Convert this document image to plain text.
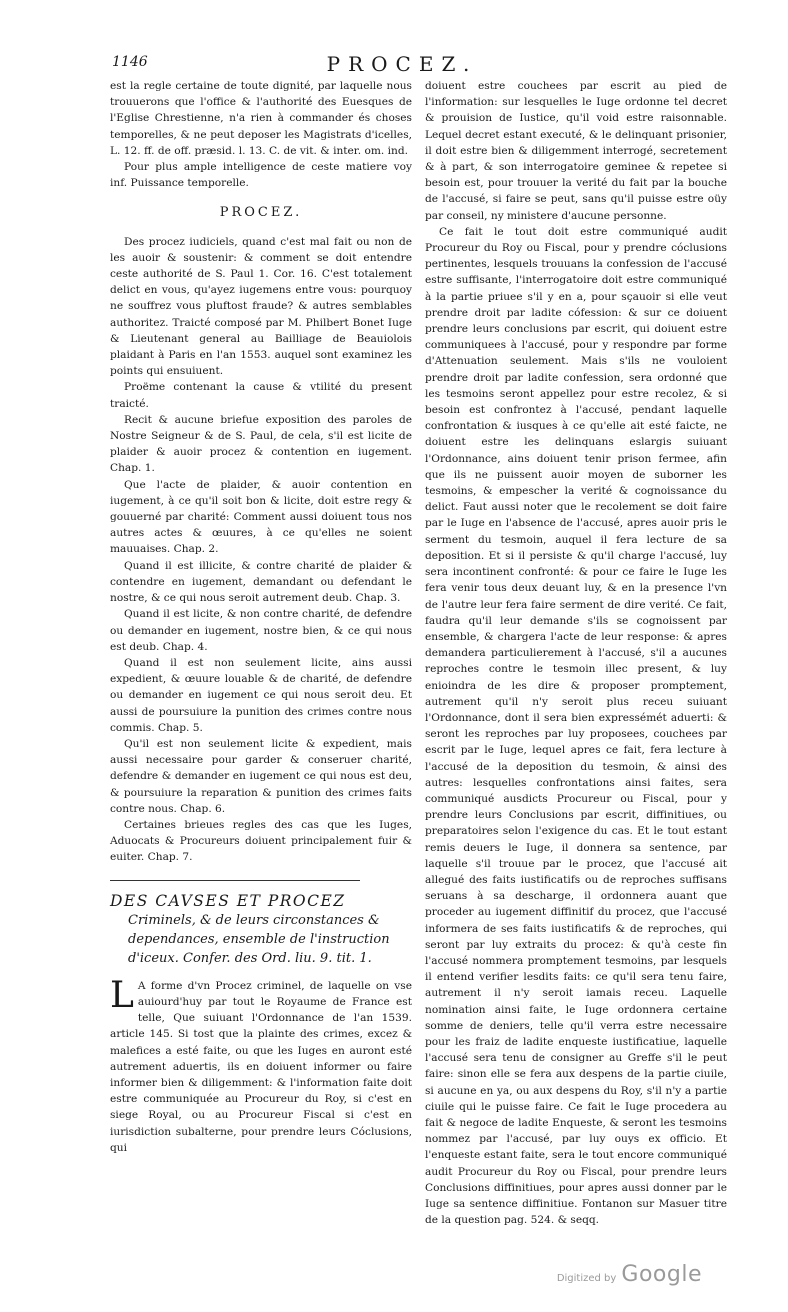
1146	PROCEZ.

est la regle certaine de toute dignité, par laquelle nous trouuerons que l'office & l'authorité des Euesques de l'Eglise Chrestienne, n'a rien à commander és choses temporelles, & ne peut deposer les Magistrats d'icelles, L. 12. ff. de off. præsid. l. 13. C. de vit. & inter. om. ind.

Pour plus ample intelligence de ceste matiere voy inf. Puissance temporelle.

PROCEZ.

Des procez iudiciels, quand c'est mal fait ou non de les auoir & soustenir: & comment se doit entendre ceste authorité de S. Paul 1. Cor. 16. C'est totalement delict en vous, qu'ayez iugemens entre vous: pourquoy ne souffrez vous pluftost fraude? & autres semblables authoritez. Traicté composé par M. Philbert Bonet Iuge & Lieutenant general au Bailliage de Beauiolois plaidant à Paris en l'an 1553. auquel sont examinez les points qui ensuiuent.

Proëme contenant la cause & vtilité du present traicté.

Recit & aucune briefue exposition des paroles de Nostre Seigneur & de S. Paul, de cela, s'il est licite de plaider & auoir procez & contention en iugement. Chap. 1.

Que l'acte de plaider, & auoir contention en iugement, à ce qu'il soit bon & licite, doit estre regy & gouuerné par charité: Comment aussi doiuent tous nos autres actes & œuures, à ce qu'elles ne soient mauuaises. Chap. 2.

Quand il est illicite, & contre charité de plaider & contendre en iugement, demandant ou defendant le nostre, & ce qui nous seroit autrement deub. Chap. 3.

Quand il est licite, & non contre charité, de defendre ou demander en iugement, nostre bien, & ce qui nous est deub. Chap. 4.

Quand il est non seulement licite, ains aussi expedient, & œuure louable & de charité, de defendre ou demander en iugement ce qui nous seroit deu. Et aussi de poursuiure la punition des crimes contre nous commis. Chap. 5.

Qu'il est non seulement licite & expedient, mais aussi necessaire pour garder & conseruer charité, defendre & demander en iugement ce qui nous est deu, & poursuiure la reparation & punition des crimes faits contre nous. Chap. 6.

Certaines brieues regles des cas que les Iuges, Aduocats & Procureurs doiuent principalement fuir & euiter. Chap. 7.

DES CAVSES ET PROCEZ
Criminels, & de leurs circonstances & dependances, ensemble de l'instruction d'iceux. Confer. des Ord. liu. 9. tit. 1.

L A forme d'vn Procez criminel, de laquelle on vse auiourd'huy par tout le Royaume de France est telle, Que suiuant l'Ordonnance de l'an 1539. article 145. Si tost que la plainte des crimes, excez & malefices a esté faite, ou que les Iuges en auront esté autrement aduertis, ils en doiuent informer ou faire informer bien & diligemment: & l'information faite doit estre communiquée au Procureur du Roy, si c'est en siege Royal, ou au Procureur Fiscal si c'est en iurisdiction subalterne, pour prendre leurs Cóclusions, qui

doiuent estre couchees par escrit au pied de l'information: sur lesquelles le Iuge ordonne tel decret & prouision de Iustice, qu'il void estre raisonnable. Lequel decret estant executé, & le delinquant prisonier, il doit estre bien & diligemment interrogé, secretement & à part, & son interrogatoire geminee & repetee si besoin est, pour trouuer la verité du fait par la bouche de l'accusé, si faire se peut, sans qu'il puisse estre oüy par conseil, ny ministere d'aucune personne.

Ce fait le tout doit estre communiqué audit Procureur du Roy ou Fiscal, pour y prendre cóclusions pertinentes, lesquels trouuans la confession de l'accusé estre suffisante, l'interrogatoire doit estre communiqué à la partie priuee s'il y en a, pour sçauoir si elle veut prendre droit par ladite cófession: & sur ce doiuent prendre leurs conclusions par escrit, qui doiuent estre communiquees à l'accusé, pour y respondre par forme d'Attenuation seulement. Mais s'ils ne vouloient prendre droit par ladite confession, sera ordonné que les tesmoins seront appellez pour estre recolez, & si besoin est confrontez à l'accusé, pendant laquelle confrontation & iusques à ce qu'elle ait esté faicte, ne doiuent estre les delinquans eslargis suiuant l'Ordonnance, ains doiuent tenir prison fermee, afin que ils ne puissent auoir moyen de suborner les tesmoins, & empescher la verité & cognoissance du delict. Faut aussi noter que le recolement se doit faire par le Iuge en l'absence de l'accusé, apres auoir pris le serment du tesmoin, auquel il fera lecture de sa deposition. Et si il persiste & qu'il charge l'accusé, luy sera incontinent confronté: & pour ce faire le Iuge les fera venir tous deux deuant luy, & en la presence l'vn de l'autre leur fera faire serment de dire verité. Ce fait, faudra qu'il leur demande s'ils se cognoissent par ensemble, & chargera l'acte de leur response: & apres demandera particulierement à l'accusé, s'il a aucunes reproches contre le tesmoin illec present, & luy enioindra de les dire & proposer promptement, autrement qu'il n'y seroit plus receu suiuant l'Ordonnance, dont il sera bien expressémét aduerti: & seront les reproches par luy proposees, couchees par escrit par le Iuge, lequel apres ce fait, fera lecture à l'accusé de la deposition du tesmoin, & ainsi des autres: lesquelles confrontations ainsi faites, sera communiqué ausdicts Procureur ou Fiscal, pour y prendre leurs Conclusions par escrit, diffinitiues, ou preparatoires selon l'exigence du cas. Et le tout estant remis deuers le Iuge, il donnera sa sentence, par laquelle s'il trouue par le procez, que l'accusé ait allegué des faits iustificatifs ou de reproches suffisans seruans à sa descharge, il ordonnera auant que proceder au iugement diffinitif du procez, que l'accusé informera de ses faits iustificatifs & de reproches, qui seront par luy extraits du procez: & qu'à ceste fin l'accusé nommera promptement tesmoins, par lesquels il entend verifier lesdits faits: ce qu'il sera tenu faire, autrement il n'y seroit iamais receu. Laquelle nomination ainsi faite, le Iuge ordonnera certaine somme de deniers, telle qu'il verra estre necessaire pour les fraiz de ladite enqueste iustificatiue, laquelle l'accusé sera tenu de consigner au Greffe s'il le peut faire: sinon elle se fera aux despens de la partie ciuile, si aucune en ya, ou aux despens du Roy, s'il n'y a partie ciuile qui le puisse faire. Ce fait le Iuge procedera au fait & negoce de ladite Enqueste, & seront les tesmoins nommez par l'accusé, par luy ouys ex officio. Et l'enqueste estant faite, sera le tout encore communiqué audit Procureur du Roy ou Fiscal, pour prendre leurs Conclusions diffinitiues, pour apres aussi donner par le Iuge sa sentence diffinitiue. Fontanon sur Masuer titre de la question pag. 524. & seqq.

Digitized by Google
